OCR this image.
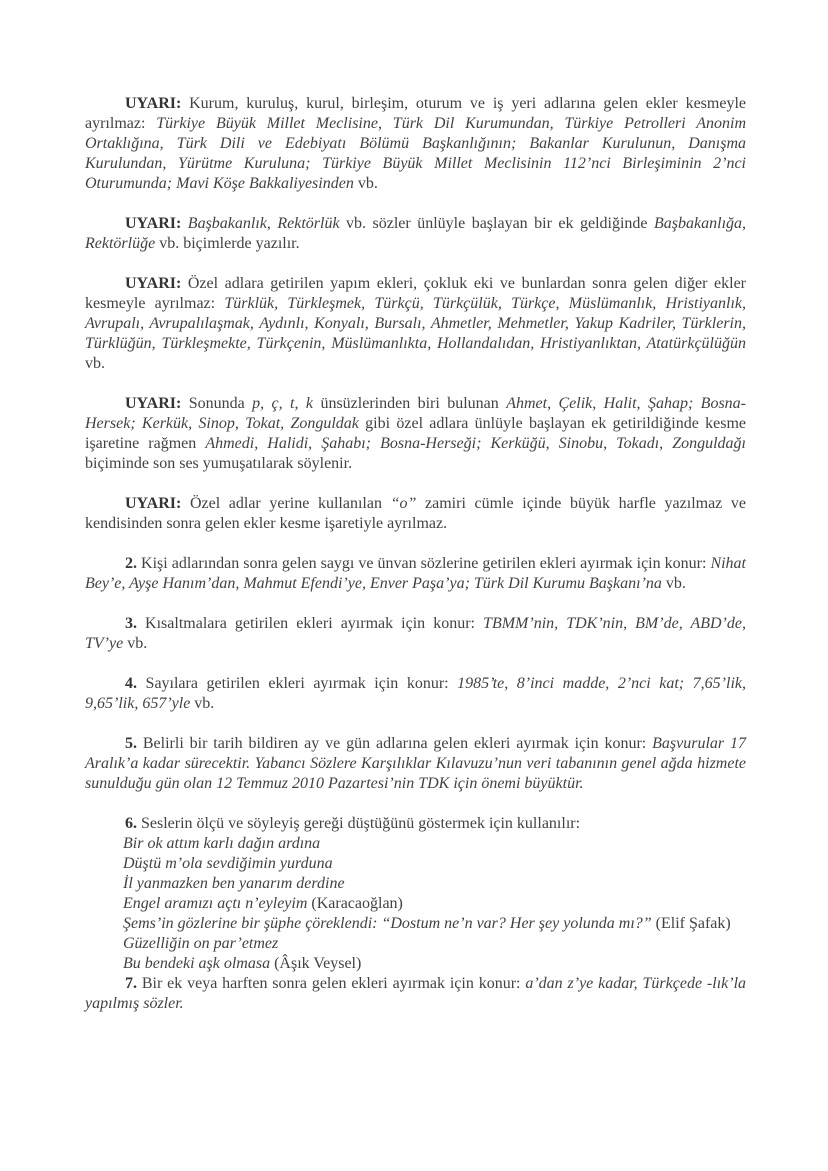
UYARI: Kurum, kuruluş, kurul, birleşim, oturum ve iş yeri adlarına gelen ekler kesmeyle ayrılmaz: Türkiye Büyük Millet Meclisine, Türk Dil Kurumundan, Türkiye Petrolleri Anonim Ortaklığına, Türk Dili ve Edebiyatı Bölümü Başkanlığının; Bakanlar Kurulunun, Danışma Kurulundan, Yürütme Kuruluna; Türkiye Büyük Millet Meclisinin 112’nci Birleşiminin 2’nci Oturumunda; Mavi Köşe Bakkaliyesinden vb.
UYARI: Başbakanlık, Rektörlük vb. sözler ünlüyle başlayan bir ek geldiğinde Başbakanlığa, Rektörlüğe vb. biçimlerde yazılır.
UYARI: Özel adlara getirilen yapım ekleri, çokluk eki ve bunlardan sonra gelen diğer ekler kesmeyle ayrılmaz: Türklük, Türkleşmek, Türkçü, Türkçülük, Türkçe, Müslümanlık, Hristiyanlık, Avrupalı, Avrupalılaşmak, Aydınlı, Konyalı, Bursalı, Ahmetler, Mehmetler, Yakup Kadriler, Türklerin, Türklüğün, Türkleşmekte, Türkçenin, Müslümanlıkta, Hollandalıdan, Hristiyanlıktan, Atatürkçülüğün vb.
UYARI: Sonunda p, ç, t, k ünsüzlerinden biri bulunan Ahmet, Çelik, Halit, Şahap; Bosna-Hersek; Kerkük, Sinop, Tokat, Zonguldak gibi özel adlara ünlüyle başlayan ek getirildiğinde kesme işaretine rağmen Ahmedi, Halidi, Şahabı; Bosna-Herseği; Kerküğü, Sinobu, Tokadı, Zonguldağı biçiminde son ses yumuşatılarak söylenir.
UYARI: Özel adlar yerine kullanılan “o” zamiri cümle içinde büyük harfle yazılmaz ve kendisinden sonra gelen ekler kesme işaretiyle ayrılmaz.
2. Kişi adlarından sonra gelen saygı ve ünvan sözlerine getirilen ekleri ayırmak için konur: Nihat Bey’e, Ayşe Hanım’dan, Mahmut Efendi’ye, Enver Paşa’ya; Türk Dil Kurumu Başkanı’na vb.
3. Kısaltmalara getirilen ekleri ayırmak için konur: TBMM’nin, TDK’nin, BM’de, ABD’de, TV’ye vb.
4. Sayılara getirilen ekleri ayırmak için konur: 1985’te, 8’inci madde, 2’nci kat; 7,65’lik, 9,65’lik, 657’yle vb.
5. Belirli bir tarih bildiren ay ve gün adlarına gelen ekleri ayırmak için konur: Başvurular 17 Aralık’a kadar sürecektir. Yabancı Sözlere Karşılıklar Kılavuzu’nun veri tabanının genel ağda hizmete sunulduğu gün olan 12 Temmuz 2010 Pazartesi’nin TDK için önemi büyüktür.
6. Seslerin ölçü ve söyleyiş gereği düştüğünü göstermek için kullanılır:
Bir ok attım karlı dağın ardına
Düştü m’ola sevdiğimin yurduna
İl yanmazken ben yanarım derdine
Engel aramızı açtı n’eyleyim (Karacaoğlan)
Şems’in gözlerine bir şüphe çöreklendi: “Dostum ne’n var? Her şey yolunda mı?” (Elif Şafak)
Güzelliğin on par’etmez
Bu bendeki aşk olmasa (Âşık Veysel)
7. Bir ek veya harften sonra gelen ekleri ayırmak için konur: a’dan z’ye kadar, Türkçede -lık’la yapılmış sözler.
